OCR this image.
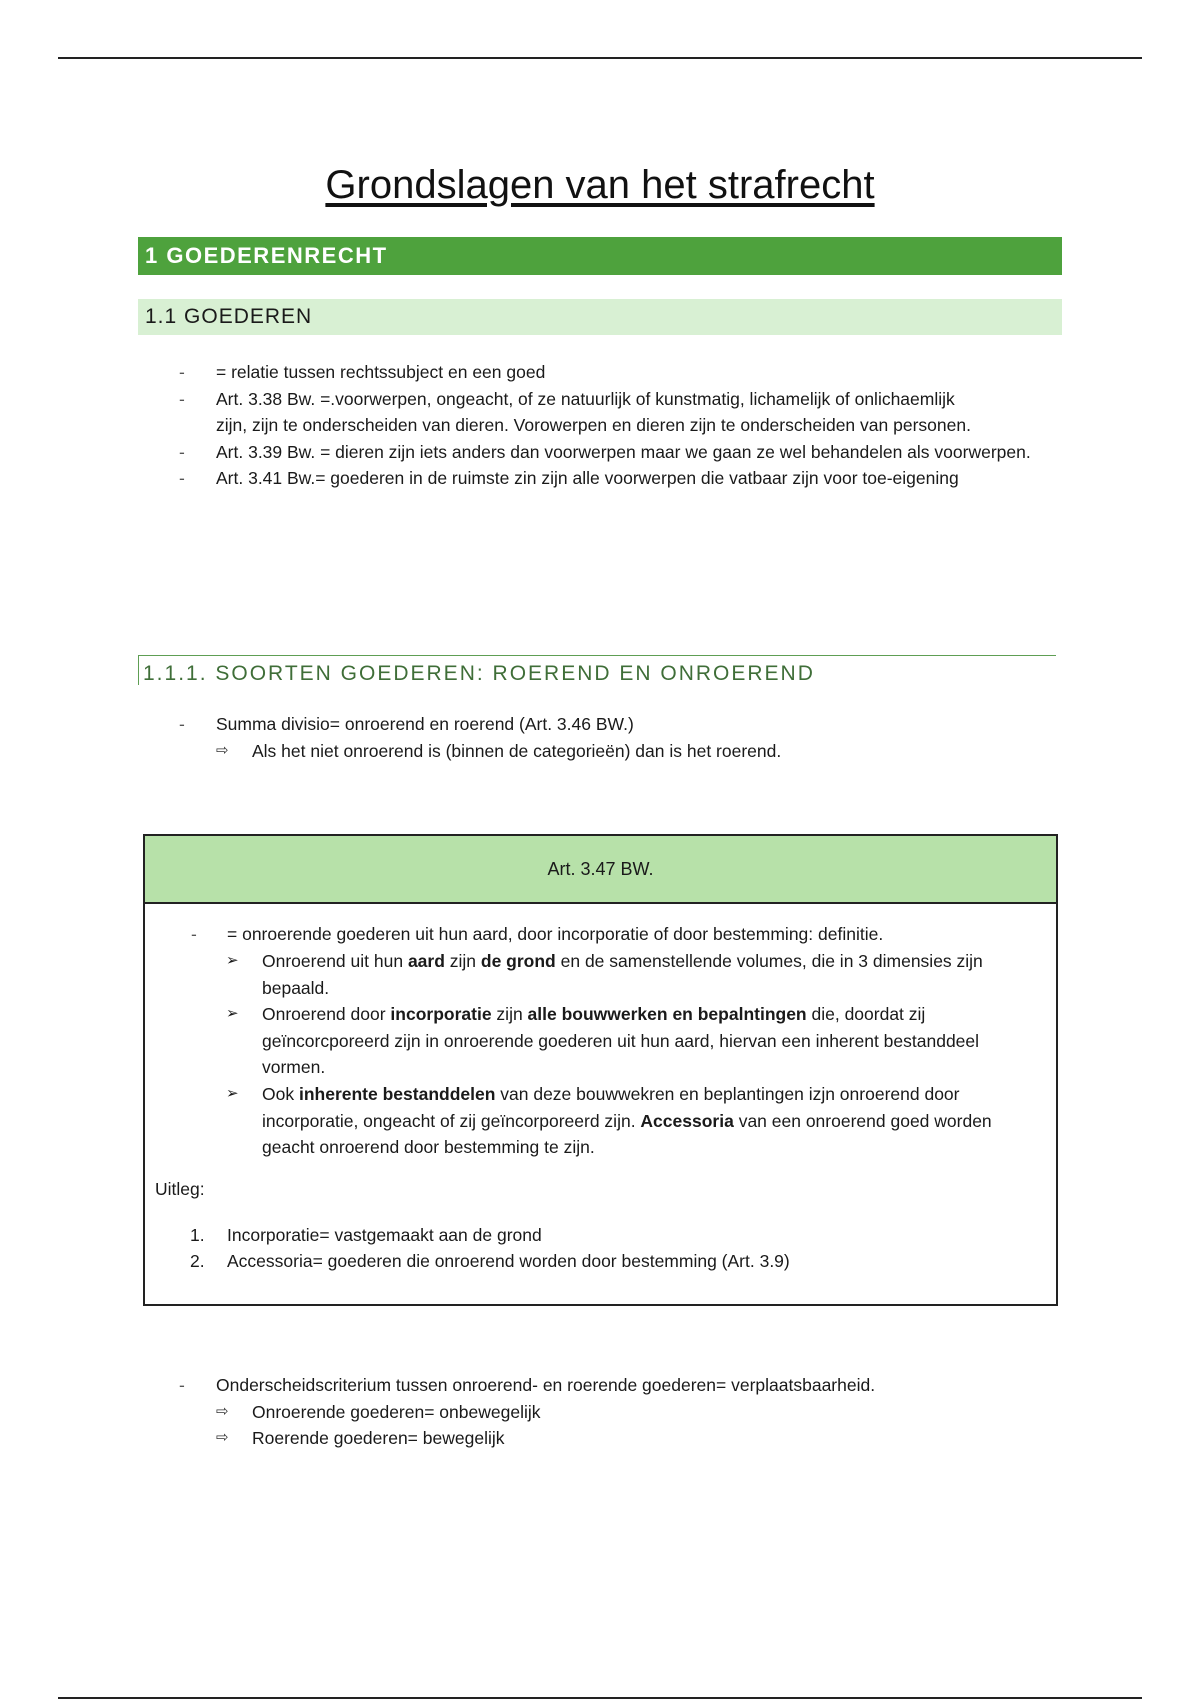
Grondslagen van het strafrecht
1 GOEDERENRECHT
1.1 GOEDEREN
- = relatie tussen rechtssubject en een goed
- Art. 3.38 Bw. =.voorwerpen, ongeacht, of ze natuurlijk of kunstmatig, lichamelijk of onlichaemlijk zijn, zijn te onderscheiden van dieren. Vorowerpen en dieren zijn te onderscheiden van personen.
- Art. 3.39 Bw. = dieren zijn iets anders dan voorwerpen maar we gaan ze wel behandelen als voorwerpen.
- Art. 3.41 Bw.= goederen in de ruimste zin zijn alle voorwerpen die vatbaar zijn voor toe-eigening
1.1.1. SOORTEN GOEDEREN: ROEREND EN ONROEREND
- Summa divisio= onroerend en roerend (Art. 3.46 BW.)
⇨ Als het niet onroerend is (binnen de categorieën) dan is het roerend.
Art. 3.47 BW.
- = onroerende goederen uit hun aard, door incorporatie of door bestemming: definitie.
➢ Onroerend uit hun aard zijn de grond en de samenstellende volumes, die in 3 dimensies zijn bepaald.
➢ Onroerend door incorporatie zijn alle bouwwerken en bepalntingen die, doordat zij geïncorcporeerd zijn in onroerende goederen uit hun aard, hiervan een inherent bestanddeel vormen.
➢ Ook inherente bestanddelen van deze bouwwekren en beplantingen izjn onroerend door incorporatie, ongeacht of zij geïncorporeerd zijn. Accessoria van een onroerend goed worden geacht onroerend door bestemming te zijn.
Uitleg:
1. Incorporatie= vastgemaakt aan de grond
2. Accessoria= goederen die onroerend worden door bestemming (Art. 3.9)
- Onderscheidscriterium tussen onroerend- en roerende goederen= verplaatsbaarheid.
⇨ Onroerende goederen= onbewegelijk
⇨ Roerende goederen= bewegelijk
